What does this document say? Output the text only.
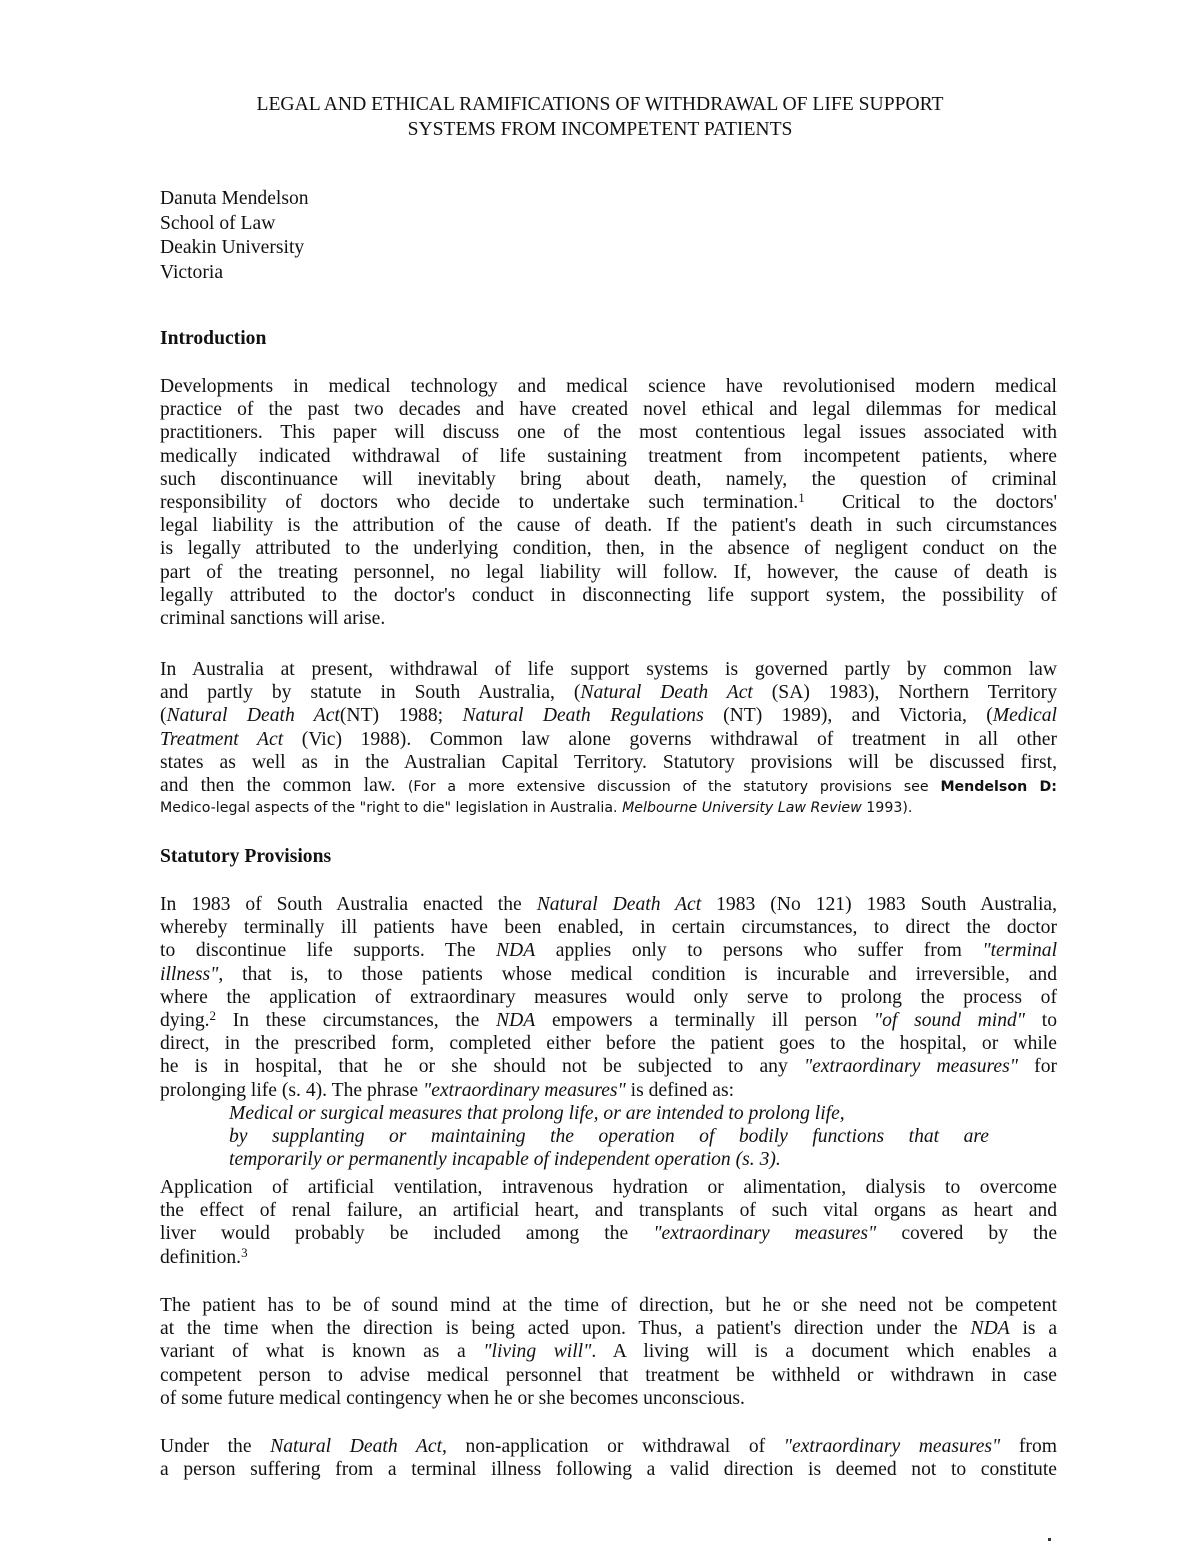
LEGAL AND ETHICAL RAMIFICATIONS OF WITHDRAWAL OF LIFE SUPPORT
SYSTEMS FROM INCOMPETENT PATIENTS
Danuta Mendelson
School of Law
Deakin University
Victoria
Introduction
Developments in medical technology and medical science have revolutionised modern medical
practice of the past two decades and have created novel ethical and legal dilemmas for medical
practitioners. This paper will discuss one of the most contentious legal issues associated with
medically indicated withdrawal of life sustaining treatment from incompetent patients, where
such discontinuance will inevitably bring about death, namely, the question of criminal
responsibility of doctors who decide to undertake such termination.$^1$ Critical to the doctors'
legal liability is the attribution of the cause of death. If the patient's death in such circumstances
is legally attributed to the underlying condition, then, in the absence of negligent conduct on the
part of the treating personnel, no legal liability will follow. If, however, the cause of death is
legally attributed to the doctor's conduct in disconnecting life support system, the possibility of
criminal sanctions will arise.
In Australia at present, withdrawal of life support systems is governed partly by common law
and partly by statute in South Australia, (Natural Death Act (SA) 1983), Northern Territory
(Natural Death Act(NT) 1988; Natural Death Regulations (NT) 1989), and Victoria, (Medical
Treatment Act (Vic) 1988). Common law alone governs withdrawal of treatment in all other
states as well as in the Australian Capital Territory. Statutory provisions will be discussed first,
and then the common law. (For a more extensive discussion of the statutory provisions see Mendelson D:
Medico-legal aspects of the "right to die" legislation in Australia. Melbourne University Law Review 1993).
Statutory Provisions
In 1983 of South Australia enacted the Natural Death Act 1983 (No 121) 1983 South Australia,
whereby terminally ill patients have been enabled, in certain circumstances, to direct the doctor
to discontinue life supports. The NDA applies only to persons who suffer from "terminal
illness", that is, to those patients whose medical condition is incurable and irreversible, and
where the application of extraordinary measures would only serve to prolong the process of
dying.$^2$ In these circumstances, the NDA empowers a terminally ill person "of sound mind" to
direct, in the prescribed form, completed either before the patient goes to the hospital, or while
he is in hospital, that he or she should not be subjected to any "extraordinary measures" for
prolonging life (s. 4). The phrase "extraordinary measures" is defined as:
Medical or surgical measures that prolong life, or are intended to prolong life,
by supplanting or maintaining the operation of bodily functions that are
temporarily or permanently incapable of independent operation (s. 3).
Application of artificial ventilation, intravenous hydration or alimentation, dialysis to overcome
the effect of renal failure, an artificial heart, and transplants of such vital organs as heart and
liver would probably be included among the "extraordinary measures" covered by the
definition.$^3$
The patient has to be of sound mind at the time of direction, but he or she need not be competent
at the time when the direction is being acted upon. Thus, a patient's direction under the NDA is a
variant of what is known as a "living will". A living will is a document which enables a
competent person to advise medical personnel that treatment be withheld or withdrawn in case
of some future medical contingency when he or she becomes unconscious.
Under the Natural Death Act, non-application or withdrawal of "extraordinary measures" from
a person suffering from a terminal illness following a valid direction is deemed not to constitute
